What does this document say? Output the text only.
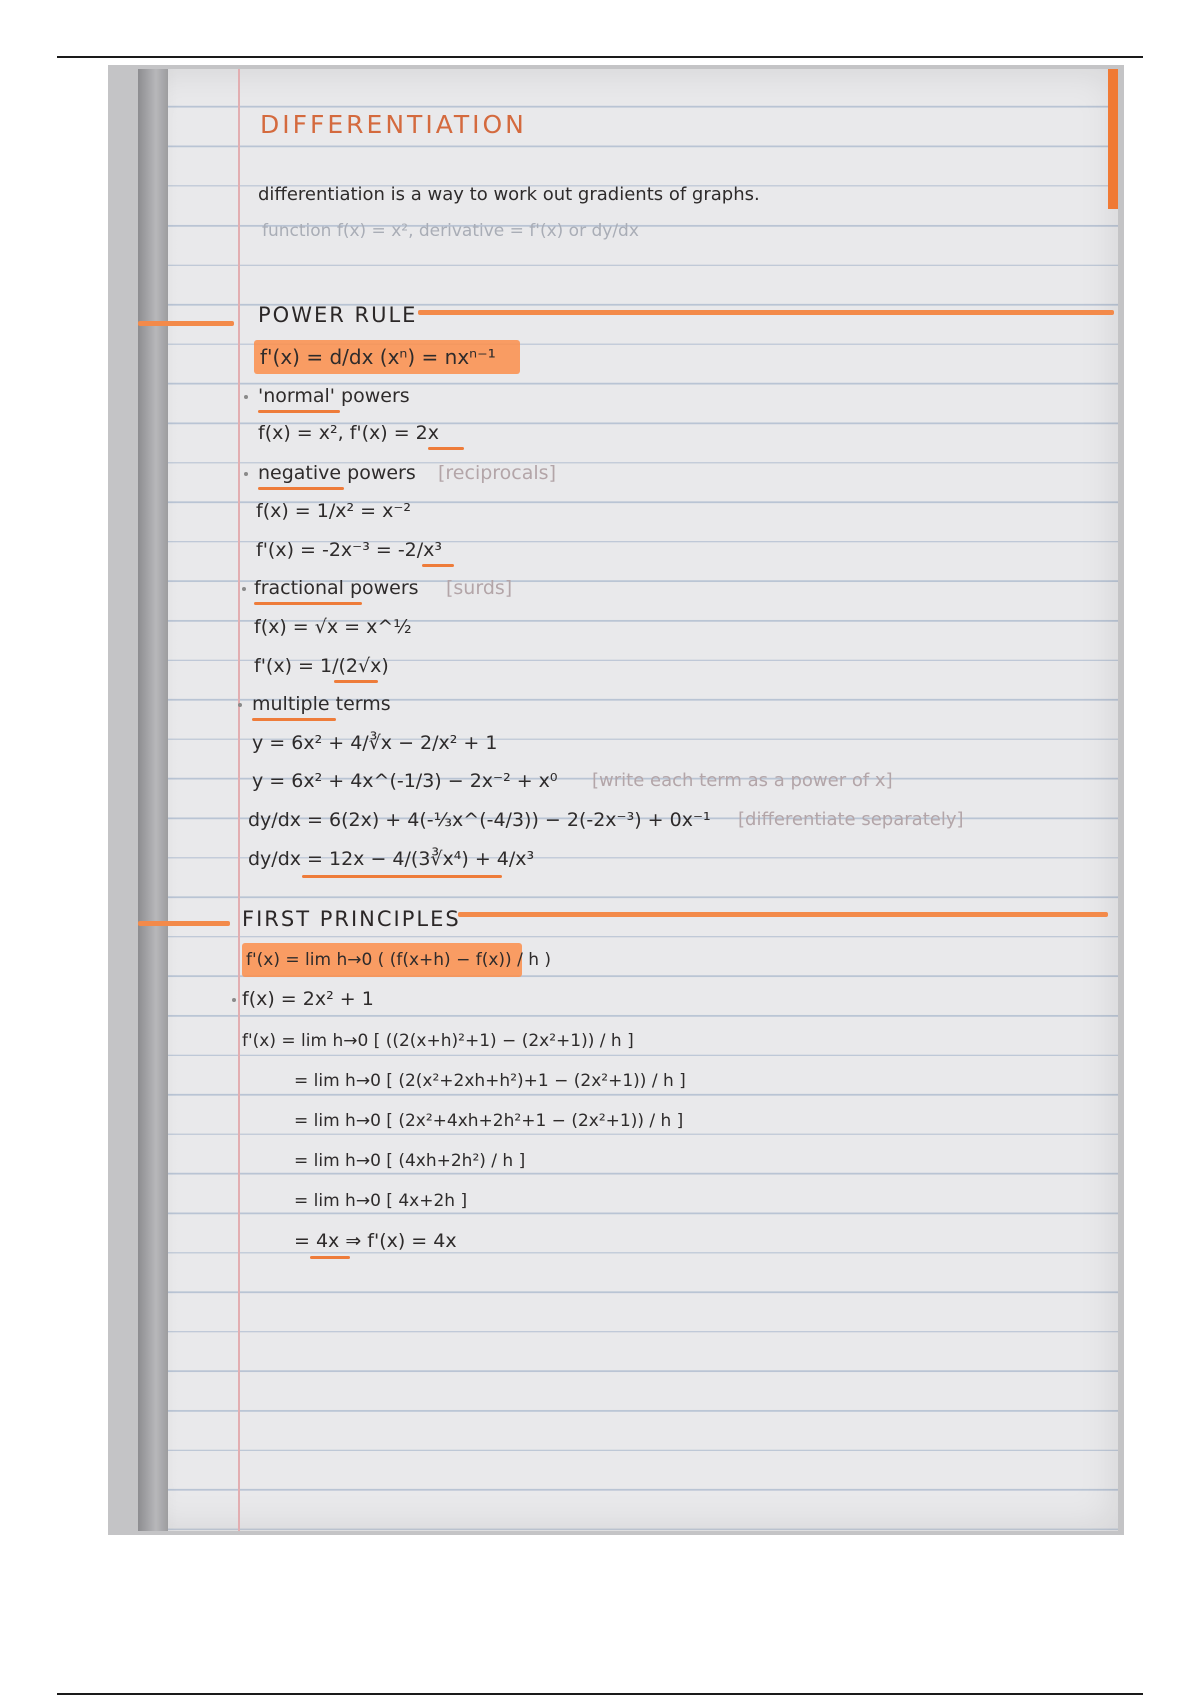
DIFFERENTIATION
differentiation is a way to work out gradients of graphs.
function f(x) = x², derivative = f'(x) or dy/dx
POWER RULE
f'(x) = d/dx (xⁿ) = nxⁿ⁻¹
'normal' powers
f(x) = x², f'(x) = 2x
negative powers [reciprocals]
f(x) = 1/x² = x⁻²
f'(x) = -2x⁻³ = -2/x³
fractional powers [surds]
f(x) = √x = x^½
f'(x) = 1/(2√x)
multiple terms
y = 6x² + 4/∛x − 2/x² + 1
y = 6x² + 4x^(-1/3) − 2x⁻² + x⁰ [write each term as a power of x]
dy/dx = 6(2x) + 4(-⅓x^(-4/3)) − 2(-2x⁻³) + 0x⁻¹ [differentiate separately]
dy/dx = 12x − 4/(3∛x⁴) + 4/x³
FIRST PRINCIPLES
f'(x) = lim h→0 ( (f(x+h) − f(x)) / h )
f(x) = 2x² + 1
f'(x) = lim h→0 [ ((2(x+h)²+1) − (2x²+1)) / h ]
= lim h→0 [ (2(x²+2xh+h²)+1 − (2x²+1)) / h ]
= lim h→0 [ (2x²+4xh+2h²+1 − (2x²+1)) / h ]
= lim h→0 [ (4xh+2h²) / h ]
= lim h→0 [ 4x+2h ]
= 4x ⇒ f'(x) = 4x
